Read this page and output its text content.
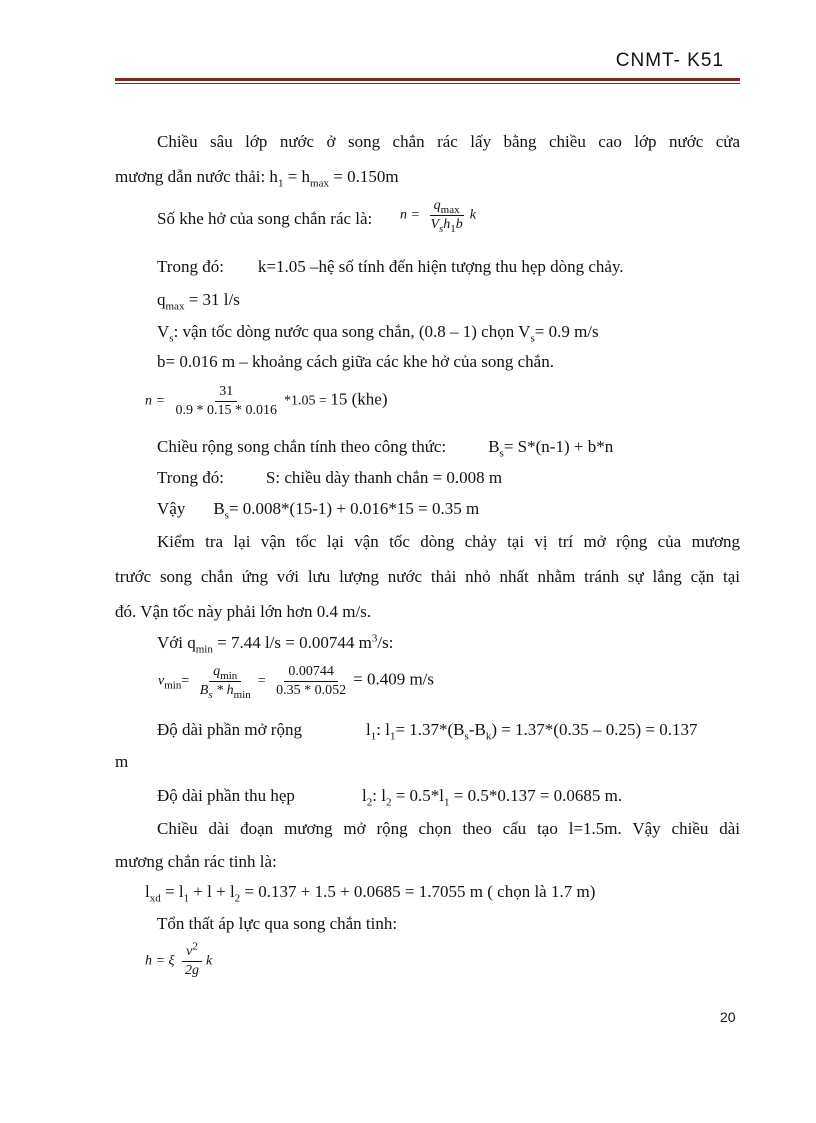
CNMT- K51
Chiều sâu lớp nước ở song chắn rác lấy bằng chiều cao lớp nước cửa
mương dẫn nước thải: $h_1 = h_{max} = 0.150m$
Số khe hở của song chắn rác là: $n = \frac{q_{max}}{V_sh_1b}$ k
Trong đó: k=1.05 –hệ số tính đến hiện tượng thu hẹp dòng chảy.
$q_{max} = 31$ l/s
$V_s$: vận tốc dòng nước qua song chắn, (0.8 – 1) chọn $V_s= 0.9$ m/s
b= 0.016 m – khoảng cách giữa các khe hở của song chắn.
$n = \frac{31}{0.9 * 0.15 * 0.016} *1.05 = 15$ (khe)
Chiều rộng song chắn tính theo công thức: $B_s= S*(n-1) + b*n$
Trong đó: S: chiều dày thanh chắn = 0.008 m
Vậy $B_s= 0.008*(15-1) + 0.016*15 = 0.35$ m
Kiểm tra lại vận tốc lại vận tốc dòng chảy tại vị trí mở rộng của mương
trước song chắn ứng với lưu lượng nước thải nhỏ nhất nhằm tránh sự lắng cặn tại
đó. Vận tốc này phải lớn hơn 0.4 m/s.
Với $q_{min} = 7.44$ l/s = 0.00744 $m^3/s$:
$v_{min}= \frac{q_{min}}{B_s * h_{min}} = \frac{0.00744}{0.35 * 0.052} = 0.409$ m/s
Độ dài phần mở rộng	$l_1$: $l_1= 1.37*(B_s-B_k) = 1.37*(0.35 - 0.25) = 0.137$
m
Độ dài phần thu hẹp	$l_2$: $l_2 = 0.5*l_1 = 0.5*0.137 = 0.0685$ m.
Chiều dài đoạn mương mở rộng chọn theo cấu tạo l=1.5m. Vậy chiều dài
mương chắn rác tinh là:
$l_{xd} = l_1 + l + l_2 = 0.137 + 1.5 + 0.0685 = 1.7055$ m ( chọn là 1.7 m)
Tổn thất áp lực qua song chắn tinh:
h = ξ $\frac{v^2}{2g}$ k
20
